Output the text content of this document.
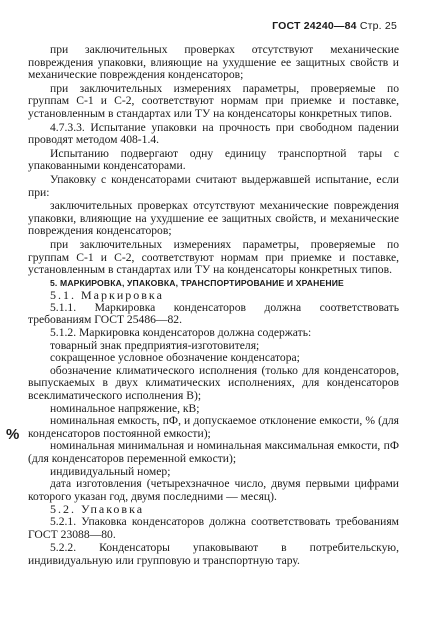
ГОСТ 24240—84 Стр. 25

при заключительных проверках отсутствуют механические повреждения упаковки, влияющие на ухудшение ее защитных свойств и механические повреждения конденсаторов;

при заключительных измерениях параметры, проверяемые по группам С-1 и С-2, соответствуют нормам при приемке и поставке, установленным в стандартах или ТУ на конденсаторы конкретных типов.

4.7.3.3. Испытание упаковки на прочность при свободном падении проводят методом 408-1.4.

Испытанию подвергают одну единицу транспортной тары с упакованными конденсаторами.

Упаковку с конденсаторами считают выдержавшей испытание, если при:

заключительных проверках отсутствуют механические повреждения упаковки, влияющие на ухудшение ее защитных свойств, и механические повреждения конденсаторов;

при заключительных измерениях параметры, проверяемые по группам С-1 и С-2, соответствуют нормам при приемке и поставке, установленным в стандартах или ТУ на конденсаторы конкретных типов.

5. МАРКИРОВКА, УПАКОВКА, ТРАНСПОРТИРОВАНИЕ И ХРАНЕНИЕ

5.1. Маркировка

5.1.1. Маркировка конденсаторов должна соответствовать требованиям ГОСТ 25486—82.

5.1.2. Маркировка конденсаторов должна содержать:

товарный знак предприятия-изготовителя;

сокращенное условное обозначение конденсатора;

обозначение климатического исполнения (только для конденсаторов, выпускаемых в двух климатических исполнениях, для конденсаторов всеклиматического исполнения В);

номинальное напряжение, кВ;

%

номинальная емкость, пФ, и допускаемое отклонение емкости, % (для конденсаторов постоянной емкости);

номинальная минимальная и номинальная максимальная емкости, пФ (для конденсаторов переменной емкости);

индивидуальный номер;

дата изготовления (четырехзначное число, двумя первыми цифрами которого указан год, двумя последними — месяц).

5.2. Упаковка

5.2.1. Упаковка конденсаторов должна соответствовать требованиям ГОСТ 23088—80.

5.2.2. Конденсаторы упаковывают в потребительскую, индивидуальную или групповую и транспортную тару.
